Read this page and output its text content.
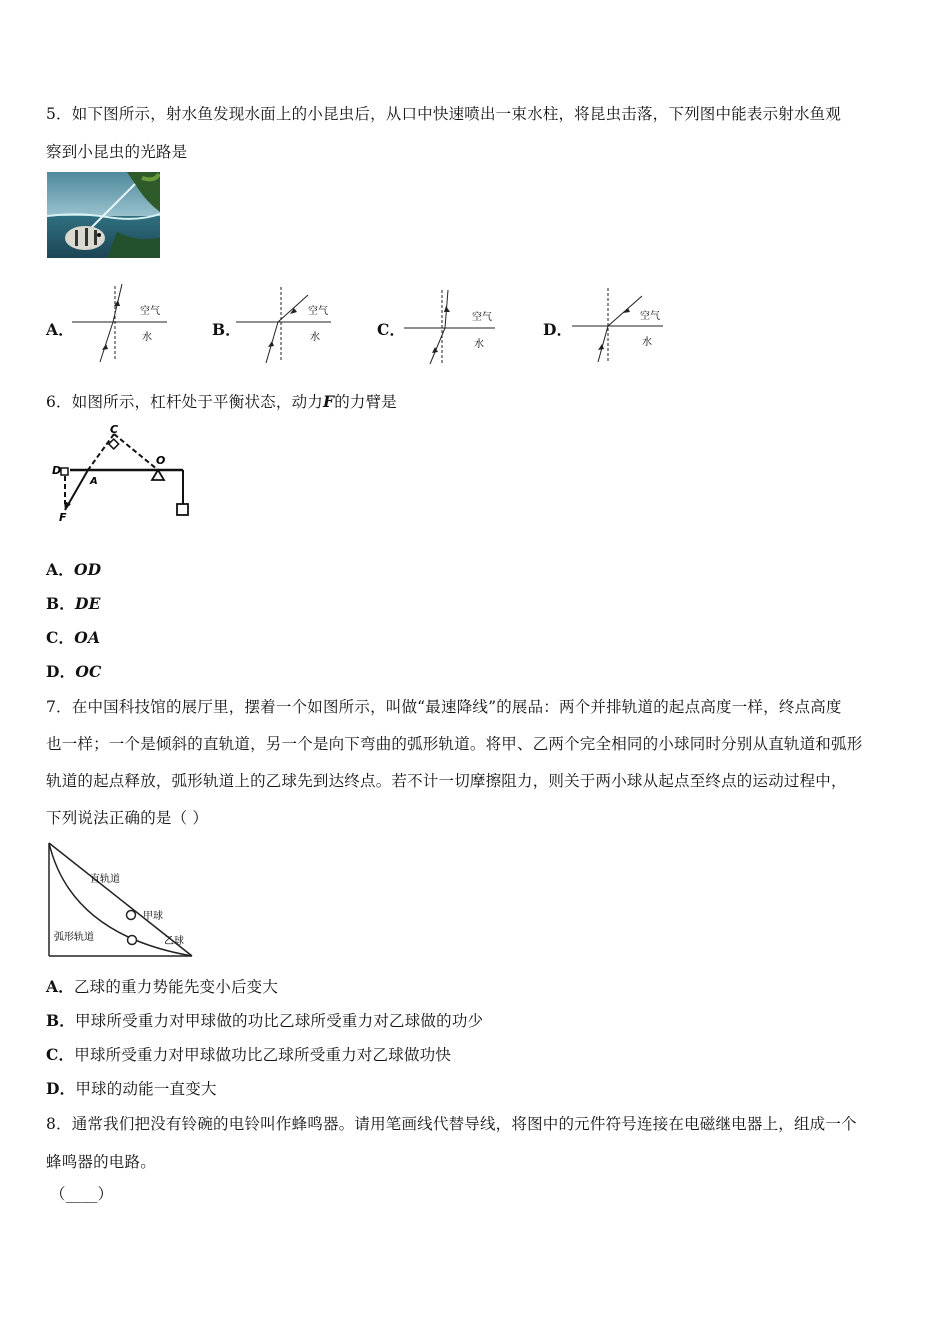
5．如下图所示，射水鱼发现水面上的小昆虫后，从口中快速喷出一束水柱，将昆虫击落，下列图中能表示射水鱼观
察到小昆虫的光路是
A．
空气
水	B．
空气
水	C．
空气
水
D．
空气
水
6．如图所示，杠杆处于平衡状态，动力F的力臂是
O
C
D
A
F
A．OD
B．DE
C．OA
D．OC
7．在中国科技馆的展厅里，摆着一个如图所示，叫做“最速降线”的展品：两个并排轨道的起点高度一样，终点高度
也一样；一个是倾斜的直轨道，另一个是向下弯曲的弧形轨道。将甲、乙两个完全相同的小球同时分别从直轨道和弧形
轨道的起点释放，弧形轨道上的乙球先到达终点。若不计一切摩擦阻力，则关于两小球从起点至终点的运动过程中，
下列说法正确的是（ ）
直轨道
甲球
弧形轨道	乙球
A．乙球的重力势能先变小后变大
B．甲球所受重力对甲球做的功比乙球所受重力对乙球做的功少
C．甲球所受重力对甲球做功比乙球所受重力对乙球做功快
D．甲球的动能一直变大
8．通常我们把没有铃碗的电铃叫作蜂鸣器。请用笔画线代替导线，将图中的元件符号连接在电磁继电器上，组成一个
蜂鸣器的电路。
（____）
